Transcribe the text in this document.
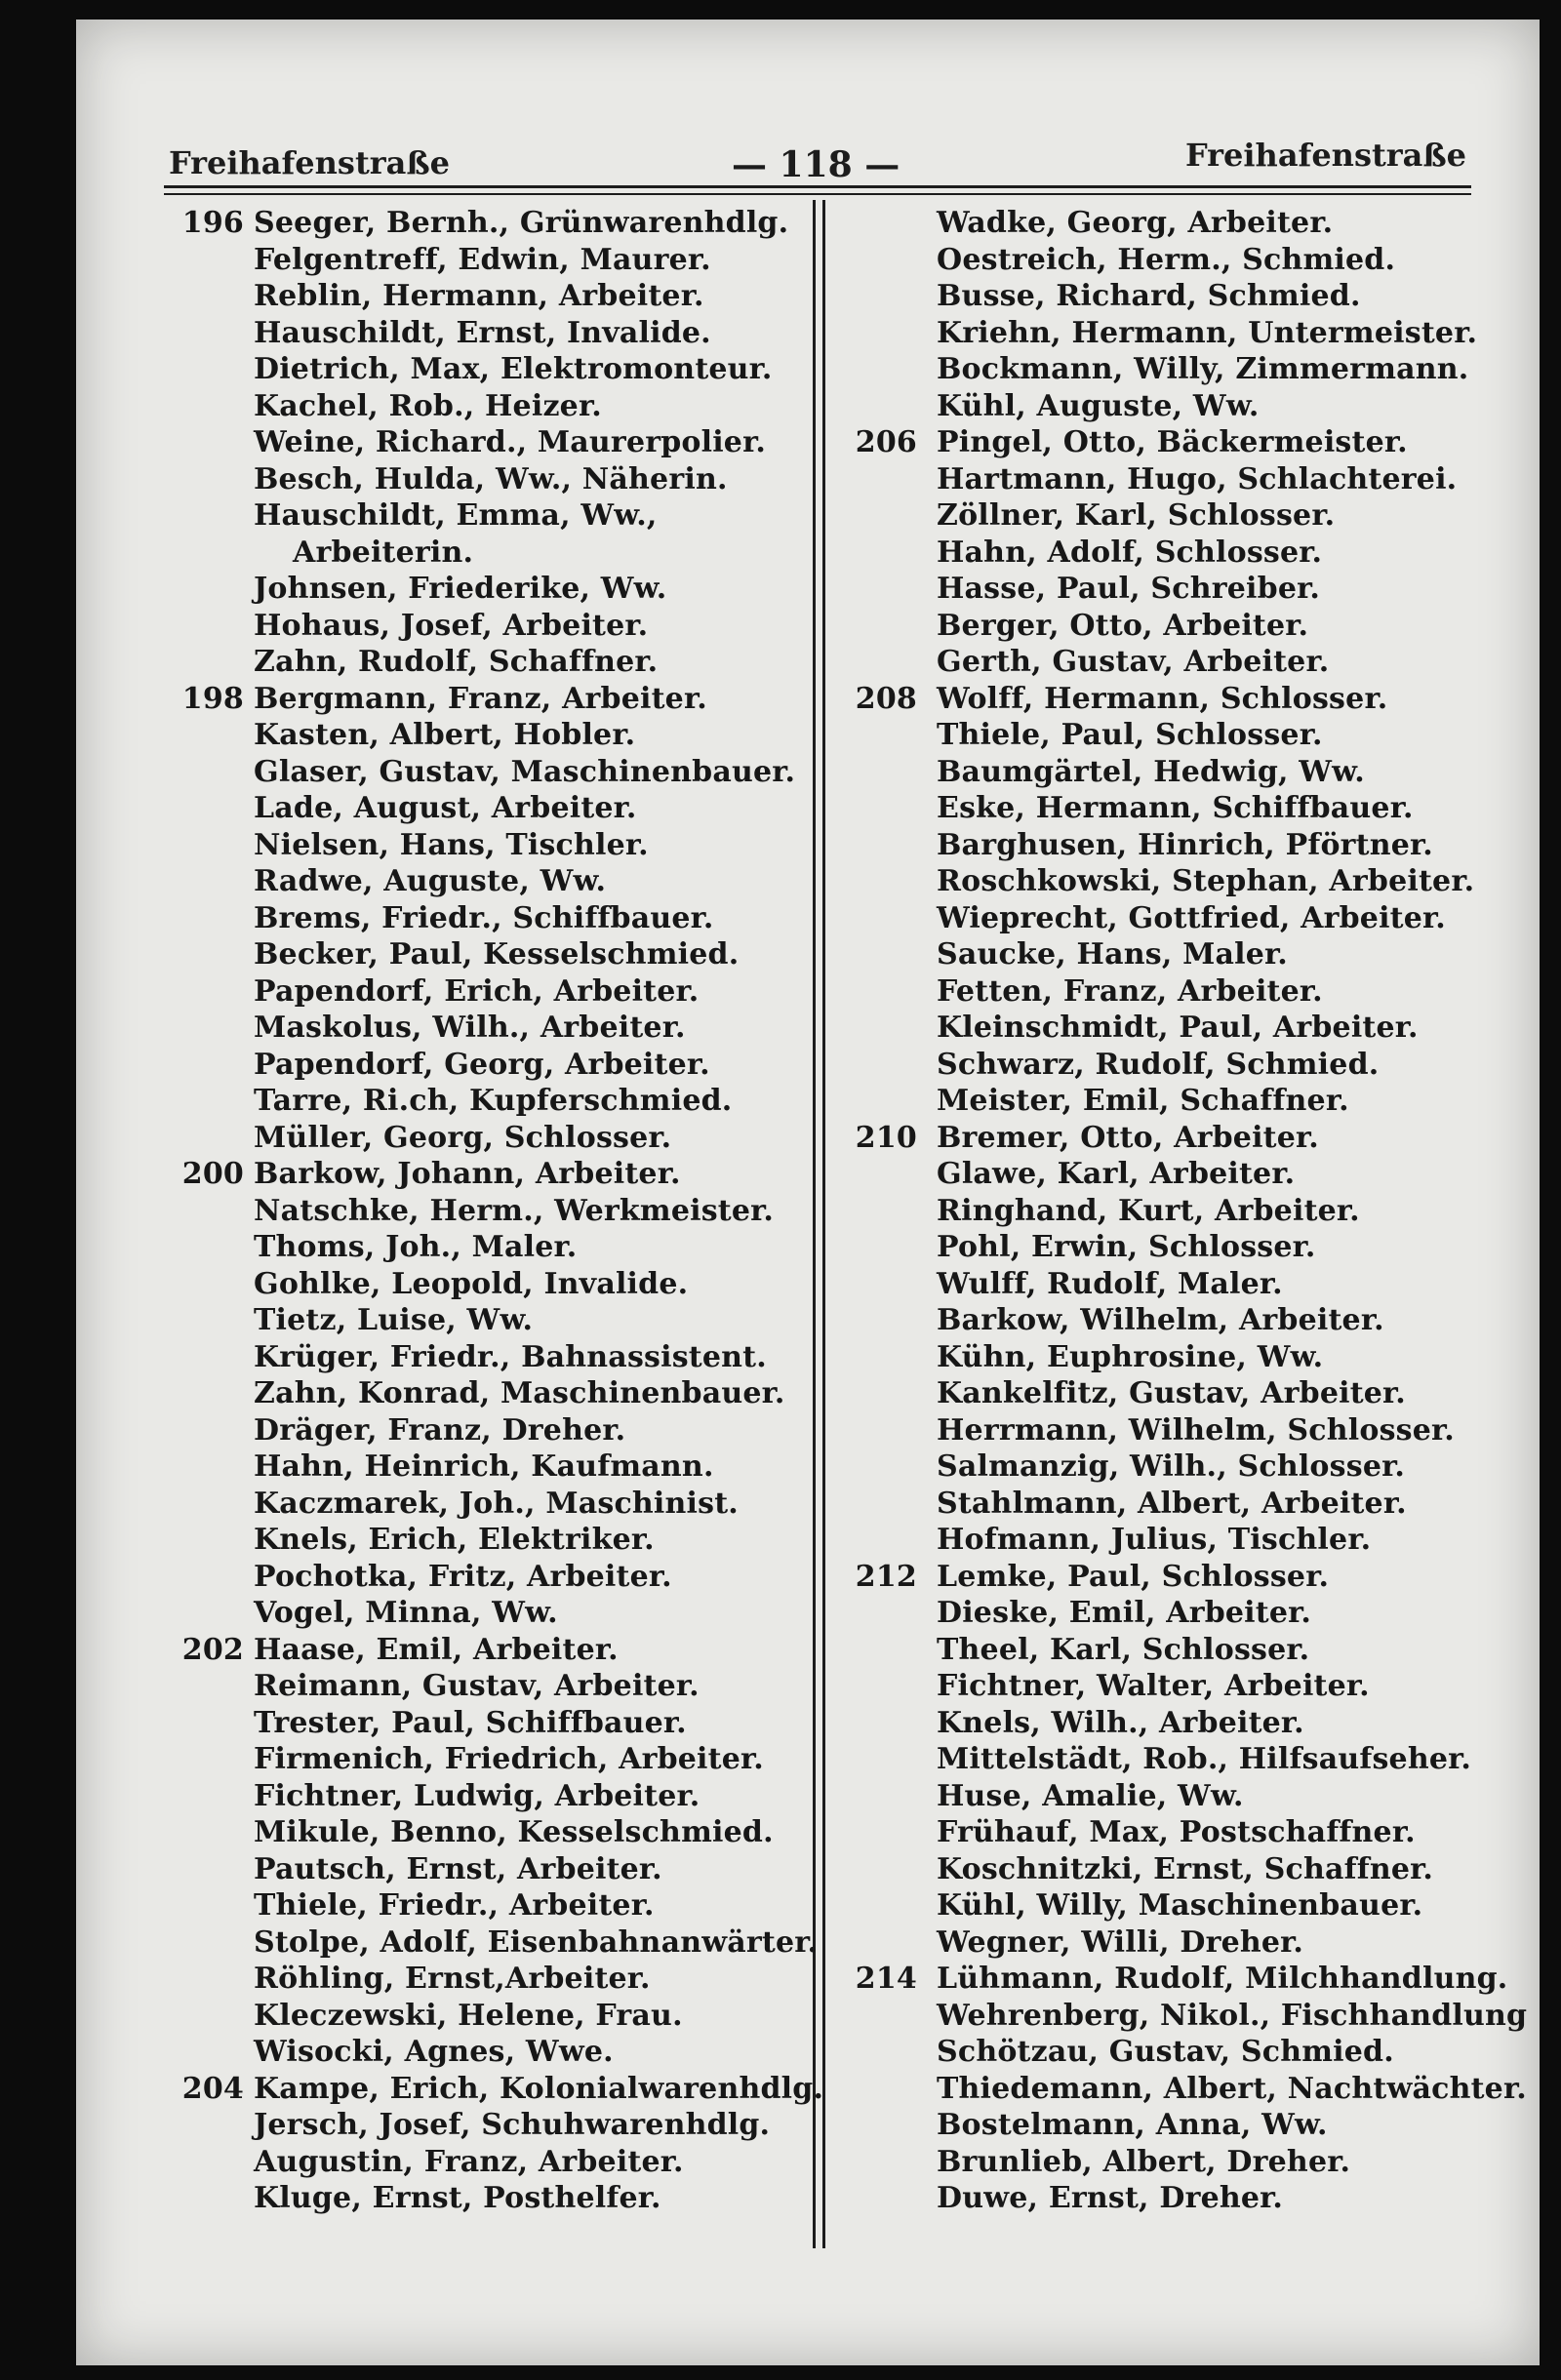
Freihafenstraße	— 118 —	Freihafenstraße
196 Seeger, Bernh., Grünwarenhdlg.
Felgentreff, Edwin, Maurer.
Reblin, Hermann, Arbeiter.
Hauschildt, Ernst, Invalide.
Dietrich, Max, Elektromonteur.
Kachel, Rob., Heizer.
Weine, Richard., Maurerpolier.
Besch, Hulda, Ww., Näherin.
Hauschildt, Emma, Ww.,
Arbeiterin.
Johnsen, Friederike, Ww.
Hohaus, Josef, Arbeiter.
Zahn, Rudolf, Schaffner.
198 Bergmann, Franz, Arbeiter.
Kasten, Albert, Hobler.
Glaser, Gustav, Maschinenbauer.
Lade, August, Arbeiter.
Nielsen, Hans, Tischler.
Radwe, Auguste, Ww.
Brems, Friedr., Schiffbauer.
Becker, Paul, Kesselschmied.
Papendorf, Erich, Arbeiter.
Maskolus, Wilh., Arbeiter.
Papendorf, Georg, Arbeiter.
Tarre, Ri.ch, Kupferschmied.
Müller, Georg, Schlosser.
200 Barkow, Johann, Arbeiter.
Natschke, Herm., Werkmeister.
Thoms, Joh., Maler.
Gohlke, Leopold, Invalide.
Tietz, Luise, Ww.
Krüger, Friedr., Bahnassistent.
Zahn, Konrad, Maschinenbauer.
Dräger, Franz, Dreher.
Hahn, Heinrich, Kaufmann.
Kaczmarek, Joh., Maschinist.
Knels, Erich, Elektriker.
Pochotka, Fritz, Arbeiter.
Vogel, Minna, Ww.
202 Haase, Emil, Arbeiter.
Reimann, Gustav, Arbeiter.
Trester, Paul, Schiffbauer.
Firmenich, Friedrich, Arbeiter.
Fichtner, Ludwig, Arbeiter.
Mikule, Benno, Kesselschmied.
Pautsch, Ernst, Arbeiter.
Thiele, Friedr., Arbeiter.
Stolpe, Adolf, Eisenbahnanwärter.
Röhling, Ernst,Arbeiter.
Kleczewski, Helene, Frau.
Wisocki, Agnes, Wwe.
204 Kampe, Erich, Kolonialwarenhdlg.
Jersch, Josef, Schuhwarenhdlg.
Augustin, Franz, Arbeiter.
Kluge, Ernst, Posthelfer.
Wadke, Georg, Arbeiter.
Oestreich, Herm., Schmied.
Busse, Richard, Schmied.
Kriehn, Hermann, Untermeister.
Bockmann, Willy, Zimmermann.
Kühl, Auguste, Ww.
206 Pingel, Otto, Bäckermeister.
Hartmann, Hugo, Schlachterei.
Zöllner, Karl, Schlosser.
Hahn, Adolf, Schlosser.
Hasse, Paul, Schreiber.
Berger, Otto, Arbeiter.
Gerth, Gustav, Arbeiter.
208 Wolff, Hermann, Schlosser.
Thiele, Paul, Schlosser.
Baumgärtel, Hedwig, Ww.
Eske, Hermann, Schiffbauer.
Barghusen, Hinrich, Pförtner.
Roschkowski, Stephan, Arbeiter.
Wieprecht, Gottfried, Arbeiter.
Saucke, Hans, Maler.
Fetten, Franz, Arbeiter.
Kleinschmidt, Paul, Arbeiter.
Schwarz, Rudolf, Schmied.
Meister, Emil, Schaffner.
210 Bremer, Otto, Arbeiter.
Glawe, Karl, Arbeiter.
Ringhand, Kurt, Arbeiter.
Pohl, Erwin, Schlosser.
Wulff, Rudolf, Maler.
Barkow, Wilhelm, Arbeiter.
Kühn, Euphrosine, Ww.
Kankelfitz, Gustav, Arbeiter.
Herrmann, Wilhelm, Schlosser.
Salmanzig, Wilh., Schlosser.
Stahlmann, Albert, Arbeiter.
Hofmann, Julius, Tischler.
212 Lemke, Paul, Schlosser.
Dieske, Emil, Arbeiter.
Theel, Karl, Schlosser.
Fichtner, Walter, Arbeiter.
Knels, Wilh., Arbeiter.
Mittelstädt, Rob., Hilfsaufseher.
Huse, Amalie, Ww.
Frühauf, Max, Postschaffner.
Koschnitzki, Ernst, Schaffner.
Kühl, Willy, Maschinenbauer.
Wegner, Willi, Dreher.
214 Lühmann, Rudolf, Milchhandlung.
Wehrenberg, Nikol., Fischhandlung
Schötzau, Gustav, Schmied.
Thiedemann, Albert, Nachtwächter.
Bostelmann, Anna, Ww.
Brunlieb, Albert, Dreher.
Duwe, Ernst, Dreher.
